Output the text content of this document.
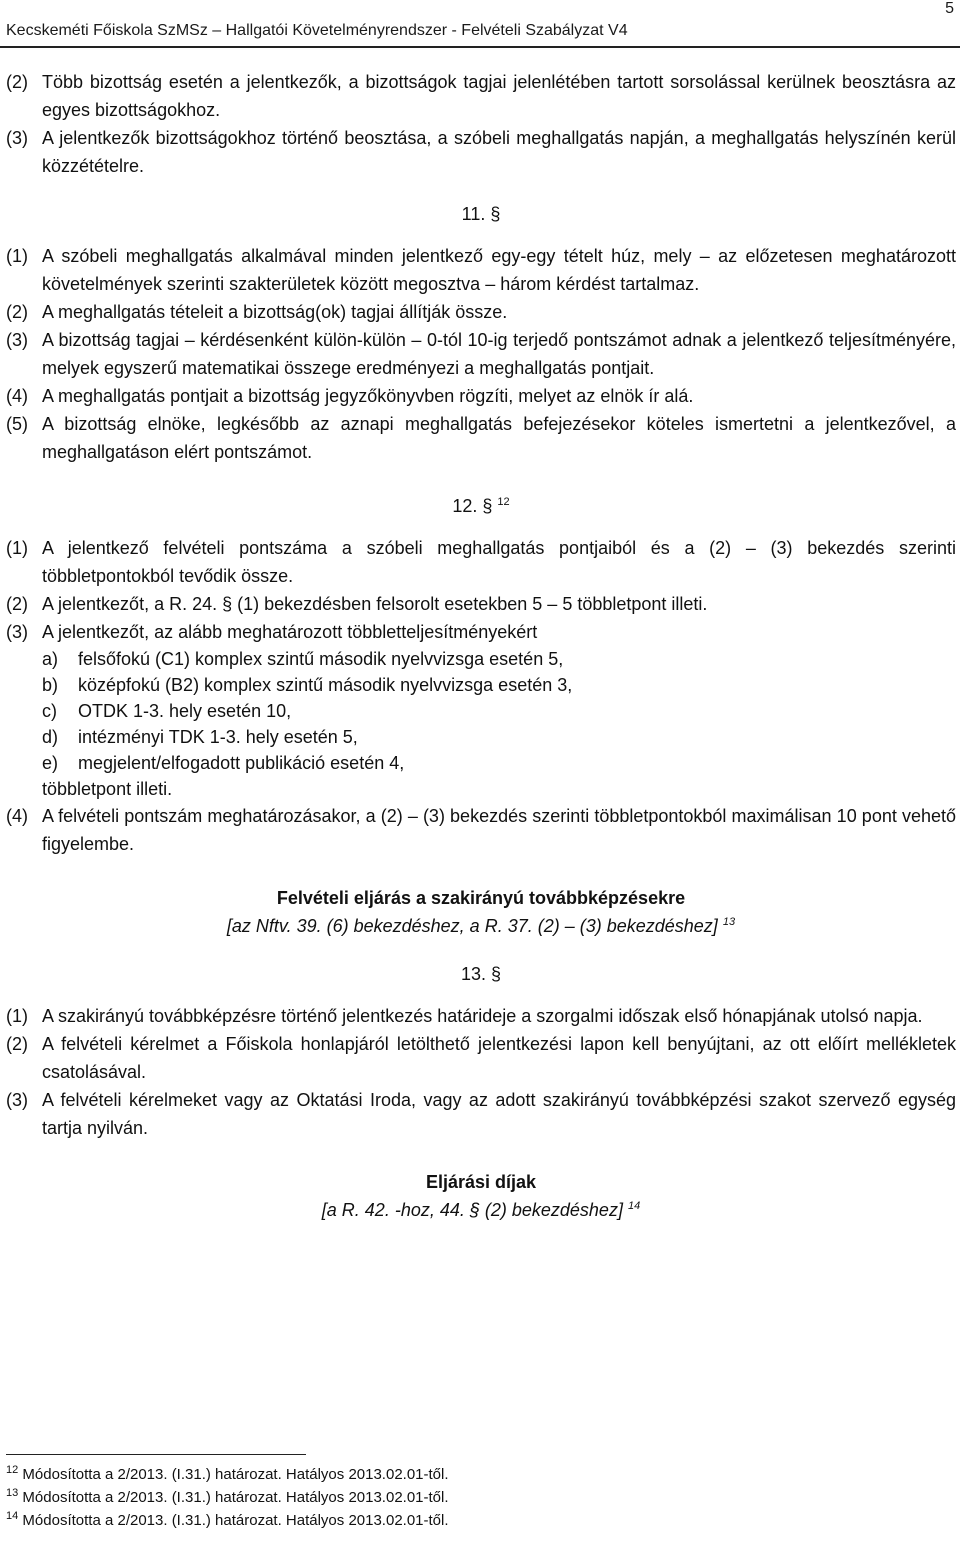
Kecskeméti Főiskola SzMSz – Hallgatói Követelményrendszer - Felvételi Szabályzat V4
5
(2) Több bizottság esetén a jelentkezők, a bizottságok tagjai jelenlétében tartott sorsolással kerülnek beosztásra az egyes bizottságokhoz.
(3) A jelentkezők bizottságokhoz történő beosztása, a szóbeli meghallgatás napján, a meghallgatás helyszínén kerül közzétételre.
11. §
(1) A szóbeli meghallgatás alkalmával minden jelentkező egy-egy tételt húz, mely – az előzetesen meghatározott követelmények szerinti szakterületek között megosztva – három kérdést tartalmaz.
(2) A meghallgatás tételeit a bizottság(ok) tagjai állítják össze.
(3) A bizottság tagjai – kérdésenként külön-külön – 0-tól 10-ig terjedő pontszámot adnak a jelentkező teljesítményére, melyek egyszerű matematikai összege eredményezi a meghallgatás pontjait.
(4) A meghallgatás pontjait a bizottság jegyzőkönyvben rögzíti, melyet az elnök ír alá.
(5) A bizottság elnöke, legkésőbb az aznapi meghallgatás befejezésekor köteles ismertetni a jelentkezővel, a meghallgatáson elért pontszámot.
12. § $^{12}$
(1) A jelentkező felvételi pontszáma a szóbeli meghallgatás pontjaiból és a (2) – (3) bekezdés szerinti többletpontokból tevődik össze.
(2) A jelentkezőt, a R. 24. § (1) bekezdésben felsorolt esetekben 5 – 5 többletpont illeti.
(3) A jelentkezőt, az alább meghatározott többletteljesítményekért
a) felsőfokú (C1) komplex szintű második nyelvvizsga esetén 5,
b) középfokú (B2) komplex szintű második nyelvvizsga esetén 3,
c) OTDK 1-3. hely esetén 10,
d) intézményi TDK 1-3. hely esetén 5,
e) megjelent/elfogadott publikáció esetén 4,
többletpont illeti.
(4) A felvételi pontszám meghatározásakor, a (2) – (3) bekezdés szerinti többletpontokból maximálisan 10 pont vehető figyelembe.
Felvételi eljárás a szakirányú továbbképzésekre
[az Nftv. 39. (6) bekezdéshez, a R. 37. (2) – (3) bekezdéshez] $^{13}$
13. §
(1) A szakirányú továbbképzésre történő jelentkezés határideje a szorgalmi időszak első hónapjának utolsó napja.
(2) A felvételi kérelmet a Főiskola honlapjáról letölthető jelentkezési lapon kell benyújtani, az ott előírt mellékletek csatolásával.
(3) A felvételi kérelmeket vagy az Oktatási Iroda, vagy az adott szakirányú továbbképzési szakot szervező egység tartja nyilván.
Eljárási díjak
[a R. 42. -hoz, 44. § (2) bekezdéshez] $^{14}$
$^{12}$ Módosította a 2/2013. (I.31.) határozat. Hatályos 2013.02.01-től.
$^{13}$ Módosította a 2/2013. (I.31.) határozat. Hatályos 2013.02.01-től.
$^{14}$ Módosította a 2/2013. (I.31.) határozat. Hatályos 2013.02.01-től.
